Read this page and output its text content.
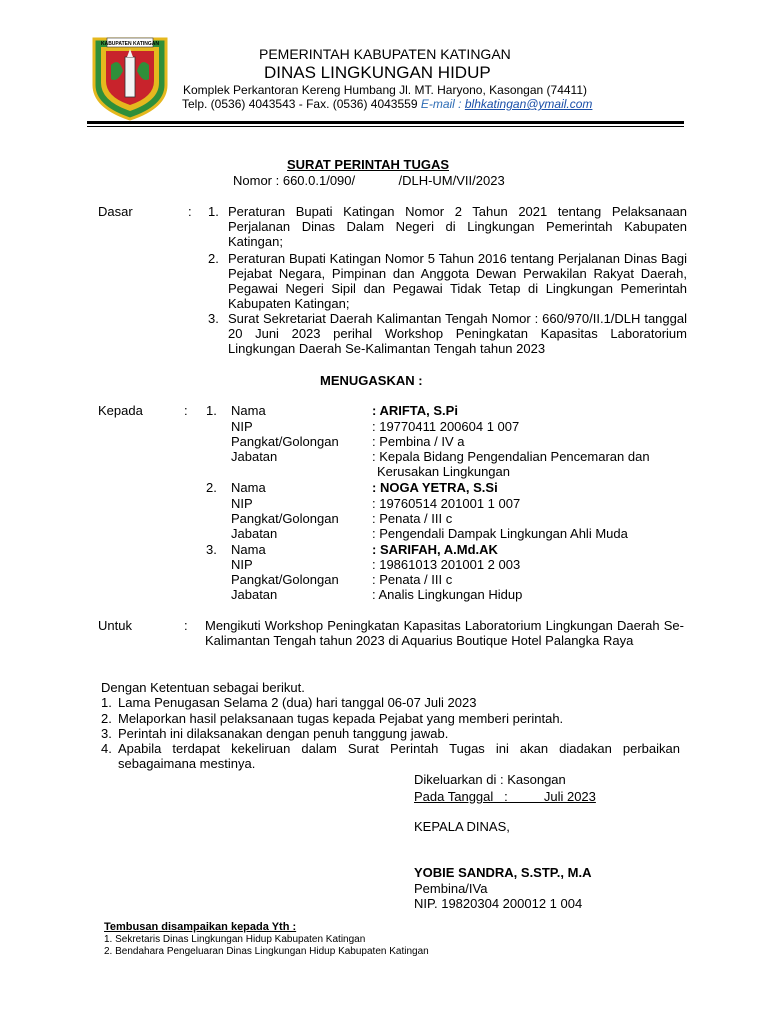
KABUPATEN KATINGAN
PEMERINTAH KABUPATEN KATINGAN
DINAS LINGKUNGAN HIDUP
Komplek Perkantoran Kereng Humbang Jl. MT. Haryono, Kasongan (74411)
Telp. (0536) 4043543 - Fax. (0536) 4043559 E-mail : blhkatingan@ymail.com
SURAT PERINTAH TUGAS
Nomor : 660.0.1/090/            /DLH-UM/VII/2023
Dasar	: 1. Peraturan Bupati Katingan Nomor 2 Tahun 2021 tentang Pelaksanaan Perjalanan Dinas Dalam Negeri di Lingkungan Pemerintah Kabupaten Katingan;
2. Peraturan Bupati Katingan Nomor 5 Tahun 2016 tentang Perjalanan Dinas Bagi Pejabat Negara, Pimpinan dan Anggota Dewan Perwakilan Rakyat Daerah, Pegawai Negeri Sipil dan Pegawai Tidak Tetap di Lingkungan Pemerintah Kabupaten Katingan;
3. Surat Sekretariat Daerah Kalimantan Tengah Nomor : 660/970/II.1/DLH tanggal 20 Juni 2023 perihal Workshop Peningkatan Kapasitas Laboratorium Lingkungan Daerah Se-Kalimantan Tengah tahun 2023
MENUGASKAN :
Kepada	: 1. Nama	: ARIFTA, S.Pi
NIP	: 19770411 200604 1 007
Pangkat/Golongan	: Pembina / IV a
Jabatan	: Kepala Bidang Pengendalian Pencemaran dan
Kerusakan Lingkungan
2. Nama	: NOGA YETRA, S.Si
NIP	: 19760514 201001 1 007
Pangkat/Golongan	: Penata / III c
Jabatan	: Pengendali Dampak Lingkungan Ahli Muda
3. Nama	: SARIFAH, A.Md.AK
NIP	: 19861013 201001 2 003
Pangkat/Golongan	: Penata / III c
Jabatan	: Analis Lingkungan Hidup
Untuk	: Mengikuti Workshop Peningkatan Kapasitas Laboratorium Lingkungan Daerah Se-Kalimantan Tengah tahun 2023 di Aquarius Boutique Hotel Palangka Raya
Dengan Ketentuan sebagai berikut.
1. Lama Penugasan Selama 2 (dua) hari tanggal 06-07 Juli 2023
2. Melaporkan hasil pelaksanaan tugas kepada Pejabat yang memberi perintah.
3. Perintah ini dilaksanakan dengan penuh tanggung jawab.
4. Apabila terdapat kekeliruan dalam Surat Perintah Tugas ini akan diadakan perbaikan sebagaimana mestinya.
Dikeluarkan di : Kasongan
Pada Tanggal   :          Juli 2023
KEPALA DINAS,
YOBIE SANDRA, S.STP., M.A
Pembina/IVa
NIP. 19820304 200012 1 004
Tembusan disampaikan kepada Yth :
1. Sekretaris Dinas Lingkungan Hidup Kabupaten Katingan
2. Bendahara Pengeluaran Dinas Lingkungan Hidup Kabupaten Katingan
